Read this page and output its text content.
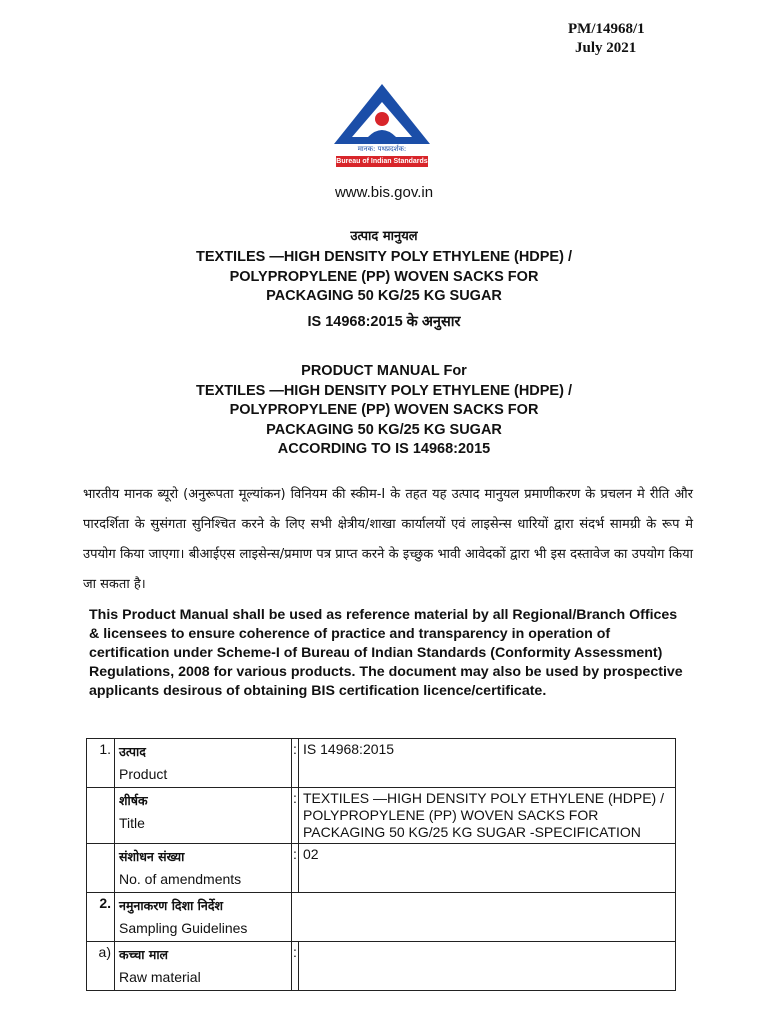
PM/14968/1
July 2021
मानक: पथप्रदर्शक:
Bureau of Indian Standards
www.bis.gov.in
उत्पाद मानुयल
TEXTILES —HIGH DENSITY POLY ETHYLENE (HDPE) /
POLYPROPYLENE (PP) WOVEN SACKS FOR
PACKAGING 50 KG/25 KG SUGAR
IS 14968:2015 के अनुसार
PRODUCT MANUAL For
TEXTILES —HIGH DENSITY POLY ETHYLENE (HDPE) /
POLYPROPYLENE (PP) WOVEN SACKS FOR
PACKAGING 50 KG/25 KG SUGAR
ACCORDING TO IS 14968:2015
भारतीय मानक ब्यूरो (अनुरूपता मूल्यांकन) विनियम की स्कीम-I के तहत यह उत्पाद मानुयल प्रमाणीकरण के प्रचलन मे रीति और पारदर्शिता के सुसंगता सुनिश्चित करने के लिए सभी क्षेत्रीय/शाखा कार्यालयों एवं लाइसेन्स धारियों द्वारा संदर्भ सामग्री के रूप मे उपयोग किया जाएगा। बीआईएस लाइसेन्स/प्रमाण पत्र प्राप्त करने के इच्छुक भावी आवेदकों द्वारा भी इस दस्तावेज का उपयोग किया जा सकता है।
This Product Manual shall be used as reference material by all Regional/Branch Offices & licensees to ensure coherence of practice and transparency in operation of certification under Scheme-I of Bureau of Indian Standards (Conformity Assessment) Regulations, 2008 for various products. The document may also be used by prospective applicants desirous of obtaining BIS certification licence/certificate.
1.	उत्पाद
Product	:	IS 14968:2015

	शीर्षक
Title	:	TEXTILES —HIGH DENSITY POLY ETHYLENE (HDPE) / POLYPROPYLENE (PP) WOVEN SACKS FOR PACKAGING 50 KG/25 KG SUGAR -SPECIFICATION

	संशोधन संख्या
No. of amendments	:	02
2.	नमुनाकरण दिशा निर्देश
Sampling Guidelines		

a)	कच्चा माल
Raw material	:	
